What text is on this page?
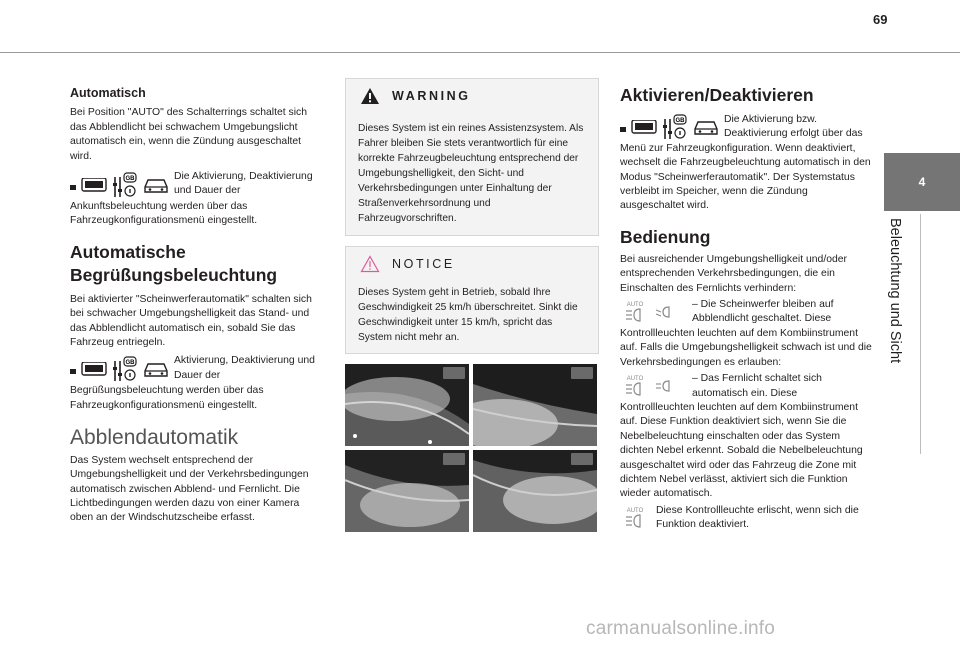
69
4
Beleuchtung und Sicht
Automatisch

Bei Position "AUTO" des Schalterrings schaltet sich das Abblendlicht bei schwachem Umgebungslicht automatisch ein, wenn die Zündung ausgeschaltet wird.

GB	Die Aktivierung, Deaktivierung und Dauer der

Ankunftsbeleuchtung werden über das Fahrzeugkonfigurationsmenü eingestellt.

Automatische
Begrüßungsbeleuchtung

Bei aktivierter "Scheinwerferautomatik" schalten sich bei schwacher Umgebungshelligkeit das Stand- und das Abblendlicht automatisch ein, sobald Sie das Fahrzeug entriegeln.

GB	Aktivierung, Deaktivierung und Dauer der

Begrüßungsbeleuchtung werden über das Fahrzeugkonfigurationsmenü eingestellt.

Abblendautomatik

Das System wechselt entsprechend der Umgebungshelligkeit und der Verkehrsbedingungen automatisch zwischen Abblend- und Fernlicht. Die Lichtbedingungen werden dazu von einer Kamera oben an der Windschutzscheibe erfasst.

WARNING

Dieses System ist ein reines Assistenzsystem. Als Fahrer bleiben Sie stets verantwortlich für eine korrekte Fahrzeugbeleuchtung entsprechend der Umgebungshelligkeit, den Sicht- und Verkehrsbedingungen unter Einhaltung der Straßenverkehrsordnung und Fahrzeugvorschriften.

NOTICE

Dieses System geht in Betrieb, sobald Ihre Geschwindigkeit 25 km/h überschreitet. Sinkt die Geschwindigkeit unter 15 km/h, spricht das System nicht mehr an.

Aktivieren/Deaktivieren
GB	Die Aktivierung bzw. Deaktivierung erfolgt über das

Menü zur Fahrzeugkonfiguration. Wenn deaktiviert, wechselt die Fahrzeugbeleuchtung automatisch in den Modus "Scheinwerferautomatik". Der Systemstatus verbleibt im Speicher, wenn die Zündung ausgeschaltet wird.

Bedienung

Bei ausreichender Umgebungshelligkeit und/oder entsprechenden Verkehrsbedingungen, die ein Einschalten des Fernlichts verhindern:

AUTO	– Die Scheinwerfer bleiben auf Abblendlicht geschaltet. Diese

Kontrollleuchten leuchten auf dem Kombiinstrument auf. Falls die Umgebungshelligkeit schwach ist und die Verkehrsbedingungen es erlauben:

AUTO	– Das Fernlicht schaltet sich automatisch ein. Diese

Kontrollleuchten leuchten auf dem Kombiinstrument auf. Diese Funktion deaktiviert sich, wenn Sie die Nebelbeleuchtung einschalten oder das System dichten Nebel erkennt. Sobald die Nebelbeleuchtung ausgeschaltet wird oder das Fahrzeug die Zone mit dichtem Nebel verlässt, aktiviert sich die Funktion wieder automatisch.

AUTO Diese Kontrollleuchte erlischt, wenn sich die Funktion deaktiviert.

carmanualsonline.info
